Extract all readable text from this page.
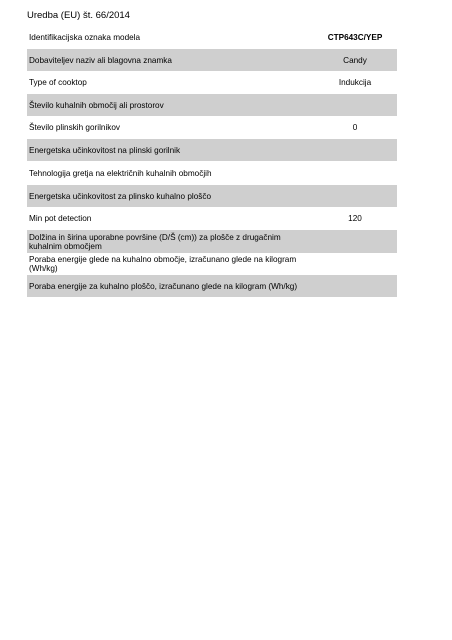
Uredba (EU) št. 66/2014
Identifikacijska oznaka modela	CTP643C/YEP
Dobaviteljev naziv ali blagovna znamka	Candy
Type of cooktop	Indukcija
Število kuhalnih območij ali prostorov
Število plinskih gorilnikov	0
Energetska učinkovitost na plinski gorilnik
Tehnologija gretja na električnih kuhalnih območjih
Energetska učinkovitost za plinsko kuhalno ploščo
Min pot detection	120
Dolžina in širina uporabne površine (D/Š (cm)) za plošče z drugačnim kuhalnim območjem
Poraba energije glede na kuhalno območje, izračunano glede na kilogram (Wh/kg)
Poraba energije za kuhalno ploščo, izračunano glede na kilogram (Wh/kg)
